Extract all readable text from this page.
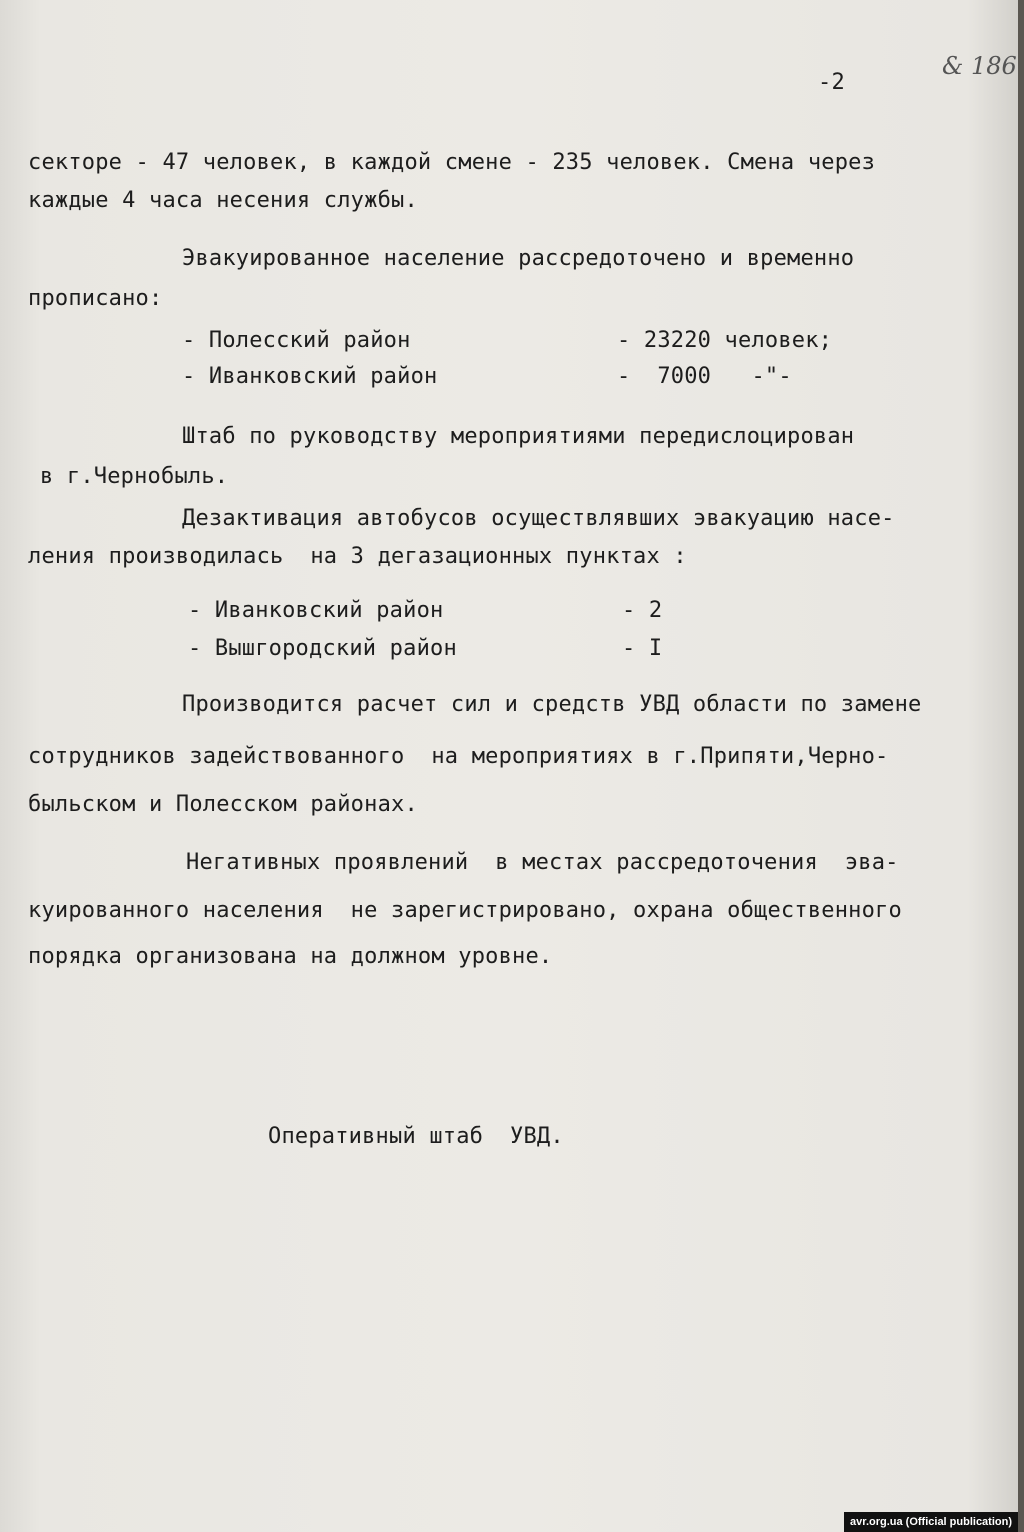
-2
& 186
секторе - 47 человек, в каждой смене - 235 человек. Смена через
каждые 4 часа несения службы.
Эвакуированное население рассредоточено и временно
прописано:
- Полесский район	- 23220 человек;
- Иванковский район	-  7000   -"-
Штаб по руководству мероприятиями передислоцирован
в г.Чернобыль.
Дезактивация автобусов осуществлявших эвакуацию насе-
ления производилась  на 3 дегазационных пунктах :
- Иванковский район	- 2
- Вышгородский район	- I
Производится расчет сил и средств УВД области по замене
сотрудников задействованного  на мероприятиях в г.Припяти,Черно-
быльском и Полесском районах.
Негативных проявлений  в местах рассредоточения  эва-
куированного населения  не зарегистрировано, охрана общественного
порядка организована на должном уровне.
Оперативный штаб  УВД.
avr.org.ua (Official publication)
